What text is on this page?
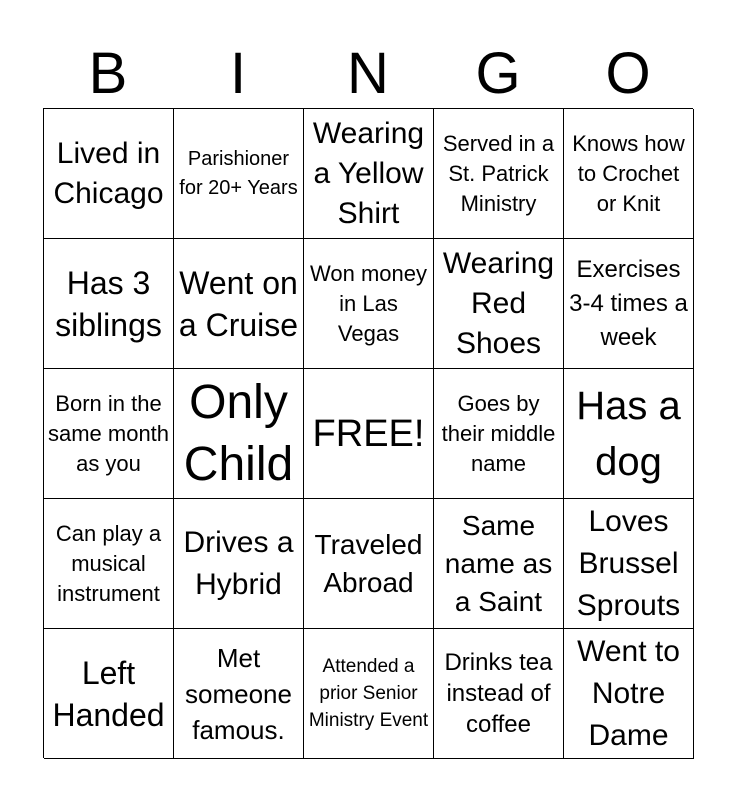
B	I	N	G	O
Lived in Chicago
Parishioner for 20+ Years
Wearing a Yellow Shirt
Served in a St. Patrick Ministry
Knows how to Crochet or Knit
Has 3 siblings
Went on a Cruise
Won money in Las Vegas
Wearing Red Shoes
Exercises 3-4 times a week
Born in the same month as you
Only Child
FREE!
Goes by their middle name
Has a dog
Can play a musical instrument
Drives a Hybrid
Traveled Abroad
Same name as a Saint
Loves Brussel Sprouts
Left Handed
Met someone famous.
Attended a prior Senior Ministry Event
Drinks tea instead of coffee
Went to Notre Dame
